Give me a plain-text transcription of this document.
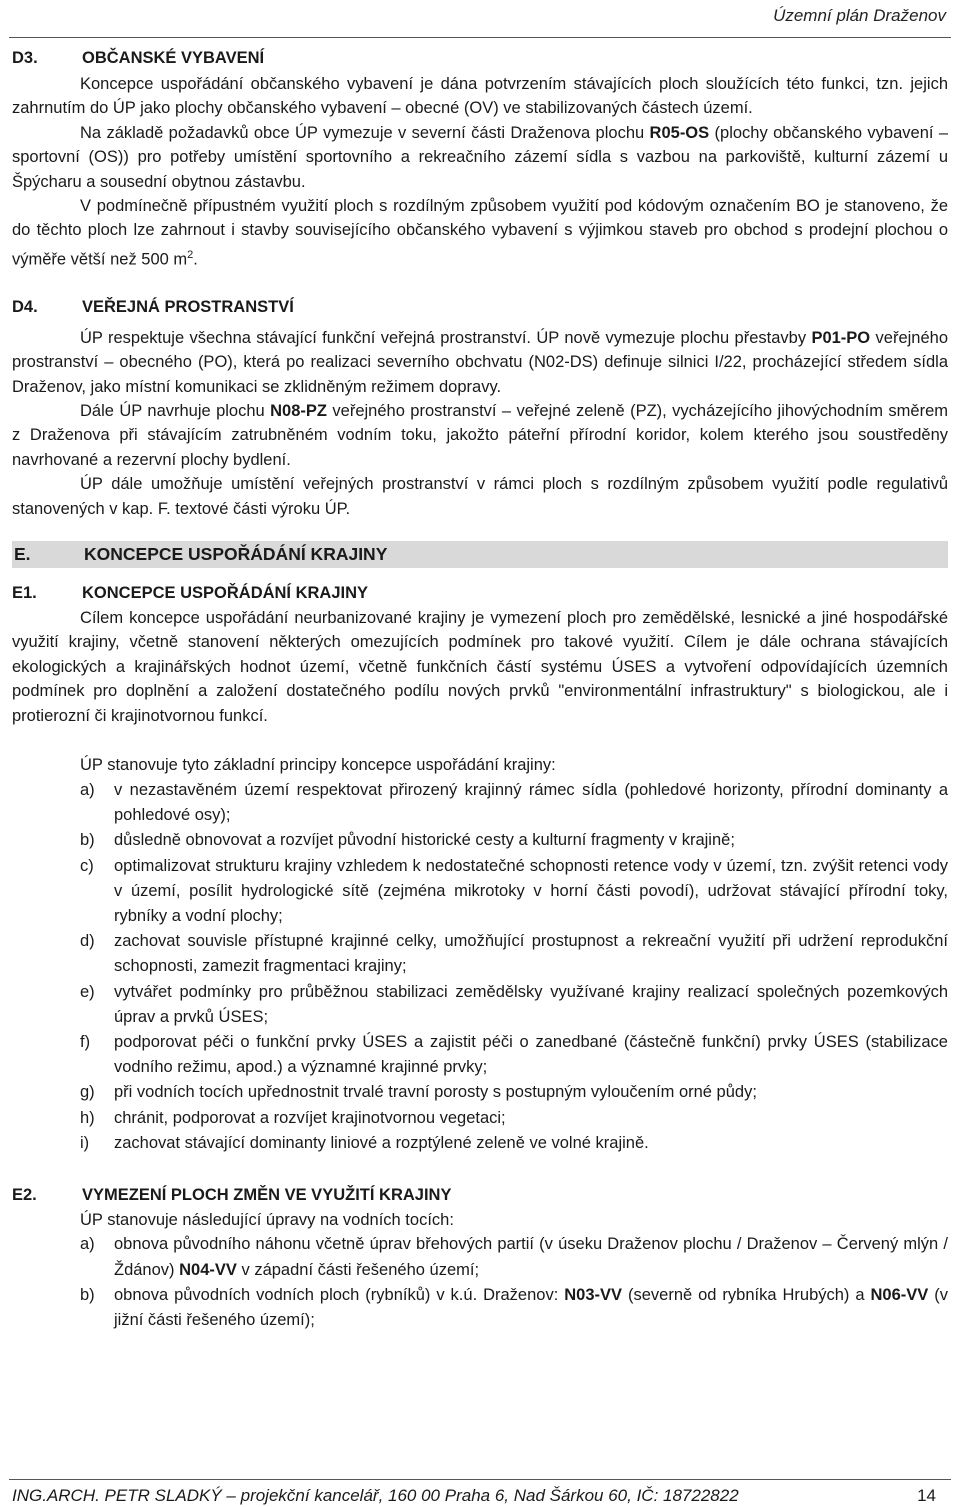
Územní plán Draženov
D3.	OBČANSKÉ VYBAVENÍ

Koncepce uspořádání občanského vybavení je dána potvrzením stávajících ploch sloužících této funkci, tzn. jejich zahrnutím do ÚP jako plochy občanského vybavení – obecné (OV) ve stabilizovaných částech území.

Na základě požadavků obce ÚP vymezuje v severní části Draženova plochu R05-OS (plochy občanského vybavení – sportovní (OS)) pro potřeby umístění sportovního a rekreačního zázemí sídla s vazbou na parkoviště, kulturní zázemí u Špýcharu a sousední obytnou zástavbu.

V podmínečně přípustném využití ploch s rozdílným způsobem využití pod kódovým označením BO je stanoveno, že do těchto ploch lze zahrnout i stavby souvisejícího občanského vybavení s výjimkou staveb pro obchod s prodejní plochou o výměře větší než 500 $m^2$.

D4.	VEŘEJNÁ PROSTRANSTVÍ

ÚP respektuje všechna stávající funkční veřejná prostranství. ÚP nově vymezuje plochu přestavby P01-PO veřejného prostranství – obecného (PO), která po realizaci severního obchvatu (N02-DS) definuje silnici I/22, procházející středem sídla Draženov, jako místní komunikaci se zklidněným režimem dopravy.

Dále ÚP navrhuje plochu N08-PZ veřejného prostranství – veřejné zeleně (PZ), vycházejícího jihovýchodním směrem z Draženova při stávajícím zatrubněném vodním toku, jakožto páteřní přírodní koridor, kolem kterého jsou soustředěny navrhované a rezervní plochy bydlení.

ÚP dále umožňuje umístění veřejných prostranství v rámci ploch s rozdílným způsobem využití podle regulativů stanovených v kap. F. textové části výroku ÚP.

E.	KONCEPCE USPOŘÁDÁNÍ KRAJINY
E1.	KONCEPCE USPOŘÁDÁNÍ KRAJINY

Cílem koncepce uspořádání neurbanizované krajiny je vymezení ploch pro zemědělské, lesnické a jiné hospodářské využití krajiny, včetně stanovení některých omezujících podmínek pro takové využití. Cílem je dále ochrana stávajících ekologických a krajinářských hodnot území, včetně funkčních částí systému ÚSES a vytvoření odpovídajících územních podmínek pro doplnění a založení dostatečného podílu nových prvků "environmentální infrastruktury" s biologickou, ale i protierozní či krajinotvornou funkcí.

ÚP stanovuje tyto základní principy koncepce uspořádání krajiny:

a) v nezastavěném území respektovat přirozený krajinný rámec sídla (pohledové horizonty, přírodní dominanty a pohledové osy);
b) důsledně obnovovat a rozvíjet původní historické cesty a kulturní fragmenty v krajině;
c) optimalizovat strukturu krajiny vzhledem k nedostatečné schopnosti retence vody v území, tzn. zvýšit retenci vody v území, posílit hydrologické sítě (zejména mikrotoky v horní části povodí), udržovat stávající přírodní toky, rybníky a vodní plochy;
d) zachovat souvisle přístupné krajinné celky, umožňující prostupnost a rekreační využití při udržení reprodukční schopnosti, zamezit fragmentaci krajiny;
e) vytvářet podmínky pro průběžnou stabilizaci zemědělsky využívané krajiny realizací společných pozemkových úprav a prvků ÚSES;
f) podporovat péči o funkční prvky ÚSES a zajistit péči o zanedbané (částečně funkční) prvky ÚSES (stabilizace vodního režimu, apod.) a významné krajinné prvky;
g) při vodních tocích upřednostnit trvalé travní porosty s postupným vyloučením orné půdy;
h) chránit, podporovat a rozvíjet krajinotvornou vegetaci;
i) zachovat stávající dominanty liniové a rozptýlené zeleně ve volné krajině.
E2.	VYMEZENÍ PLOCH ZMĚN VE VYUŽITÍ KRAJINY

ÚP stanovuje následující úpravy na vodních tocích:

a) obnova původního náhonu včetně úprav břehových partií (v úseku Draženov plochu / Draženov – Červený mlýn / Ždánov) N04-VV v západní části řešeného území;
b) obnova původních vodních ploch (rybníků) v k.ú. Draženov: N03-VV (severně od rybníka Hrubých) a N06-VV (v jižní části řešeného území);
ING.ARCH. PETR SLADKÝ – projekční kancelář, 160 00 Praha 6, Nad Šárkou 60, IČ: 18722822	14
